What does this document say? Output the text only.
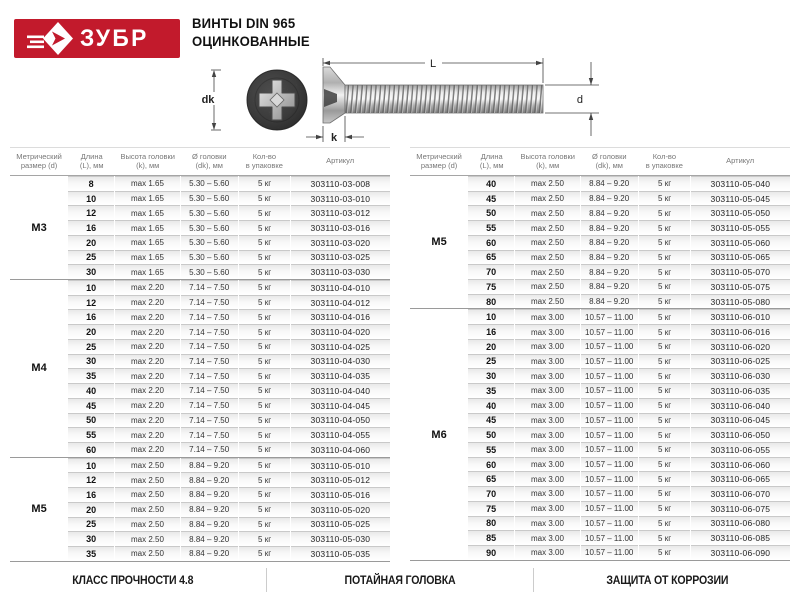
ЗУБР
ВИНТЫ DIN 965
ОЦИНКОВАННЫЕ
dk
L
d
k
Метрический
размер (d)
Длина
(L), мм
Высота головки
(k), мм
Ø головки
(dk), мм
Кол-во
в упаковке	Артикул
М3
8	max 1.65	5.30 – 5.60	5 кг	303110-03-008
10	max 1.65	5.30 – 5.60	5 кг	303110-03-010
12	max 1.65	5.30 – 5.60	5 кг	303110-03-012
16	max 1.65	5.30 – 5.60	5 кг	303110-03-016
20	max 1.65	5.30 – 5.60	5 кг	303110-03-020
25	max 1.65	5.30 – 5.60	5 кг	303110-03-025
30	max 1.65	5.30 – 5.60	5 кг	303110-03-030
М4
10	max 2.20	7.14 – 7.50	5 кг	303110-04-010
12	max 2.20	7.14 – 7.50	5 кг	303110-04-012
16	max 2.20	7.14 – 7.50	5 кг	303110-04-016
20	max 2.20	7.14 – 7.50	5 кг	303110-04-020
25	max 2.20	7.14 – 7.50	5 кг	303110-04-025
30	max 2.20	7.14 – 7.50	5 кг	303110-04-030
35	max 2.20	7.14 – 7.50	5 кг	303110-04-035
40	max 2.20	7.14 – 7.50	5 кг	303110-04-040
45	max 2.20	7.14 – 7.50	5 кг	303110-04-045
50	max 2.20	7.14 – 7.50	5 кг	303110-04-050
55	max 2.20	7.14 – 7.50	5 кг	303110-04-055
60	max 2.20	7.14 – 7.50	5 кг	303110-04-060
М5
10	max 2.50	8.84 – 9.20	5 кг	303110-05-010
12	max 2.50	8.84 – 9.20	5 кг	303110-05-012
16	max 2.50	8.84 – 9.20	5 кг	303110-05-016
20	max 2.50	8.84 – 9.20	5 кг	303110-05-020
25	max 2.50	8.84 – 9.20	5 кг	303110-05-025
30	max 2.50	8.84 – 9.20	5 кг	303110-05-030
35	max 2.50	8.84 – 9.20	5 кг	303110-05-035
Метрический
размер (d)
Длина
(L), мм
Высота головки
(k), мм
Ø головки
(dk), мм
Кол-во
в упаковке	Артикул
М5
40	max 2.50	8.84 – 9.20	5 кг	303110-05-040
45	max 2.50	8.84 – 9.20	5 кг	303110-05-045
50	max 2.50	8.84 – 9.20	5 кг	303110-05-050
55	max 2.50	8.84 – 9.20	5 кг	303110-05-055
60	max 2.50	8.84 – 9.20	5 кг	303110-05-060
65	max 2.50	8.84 – 9.20	5 кг	303110-05-065
70	max 2.50	8.84 – 9.20	5 кг	303110-05-070
75	max 2.50	8.84 – 9.20	5 кг	303110-05-075
80	max 2.50	8.84 – 9.20	5 кг	303110-05-080
М6
10	max 3.00	10.57 – 11.00	5 кг	303110-06-010
16	max 3.00	10.57 – 11.00	5 кг	303110-06-016
20	max 3.00	10.57 – 11.00	5 кг	303110-06-020
25	max 3.00	10.57 – 11.00	5 кг	303110-06-025
30	max 3.00	10.57 – 11.00	5 кг	303110-06-030
35	max 3.00	10.57 – 11.00	5 кг	303110-06-035
40	max 3.00	10.57 – 11.00	5 кг	303110-06-040
45	max 3.00	10.57 – 11.00	5 кг	303110-06-045
50	max 3.00	10.57 – 11.00	5 кг	303110-06-050
55	max 3.00	10.57 – 11.00	5 кг	303110-06-055
60	max 3.00	10.57 – 11.00	5 кг	303110-06-060
65	max 3.00	10.57 – 11.00	5 кг	303110-06-065
70	max 3.00	10.57 – 11.00	5 кг	303110-06-070
75	max 3.00	10.57 – 11.00	5 кг	303110-06-075
80	max 3.00	10.57 – 11.00	5 кг	303110-06-080
85	max 3.00	10.57 – 11.00	5 кг	303110-06-085
90	max 3.00	10.57 – 11.00	5 кг	303110-06-090
КЛАСС ПРОЧНОСТИ 4.8	ПОТАЙНАЯ ГОЛОВКА	ЗАЩИТА ОТ КОРРОЗИИ
